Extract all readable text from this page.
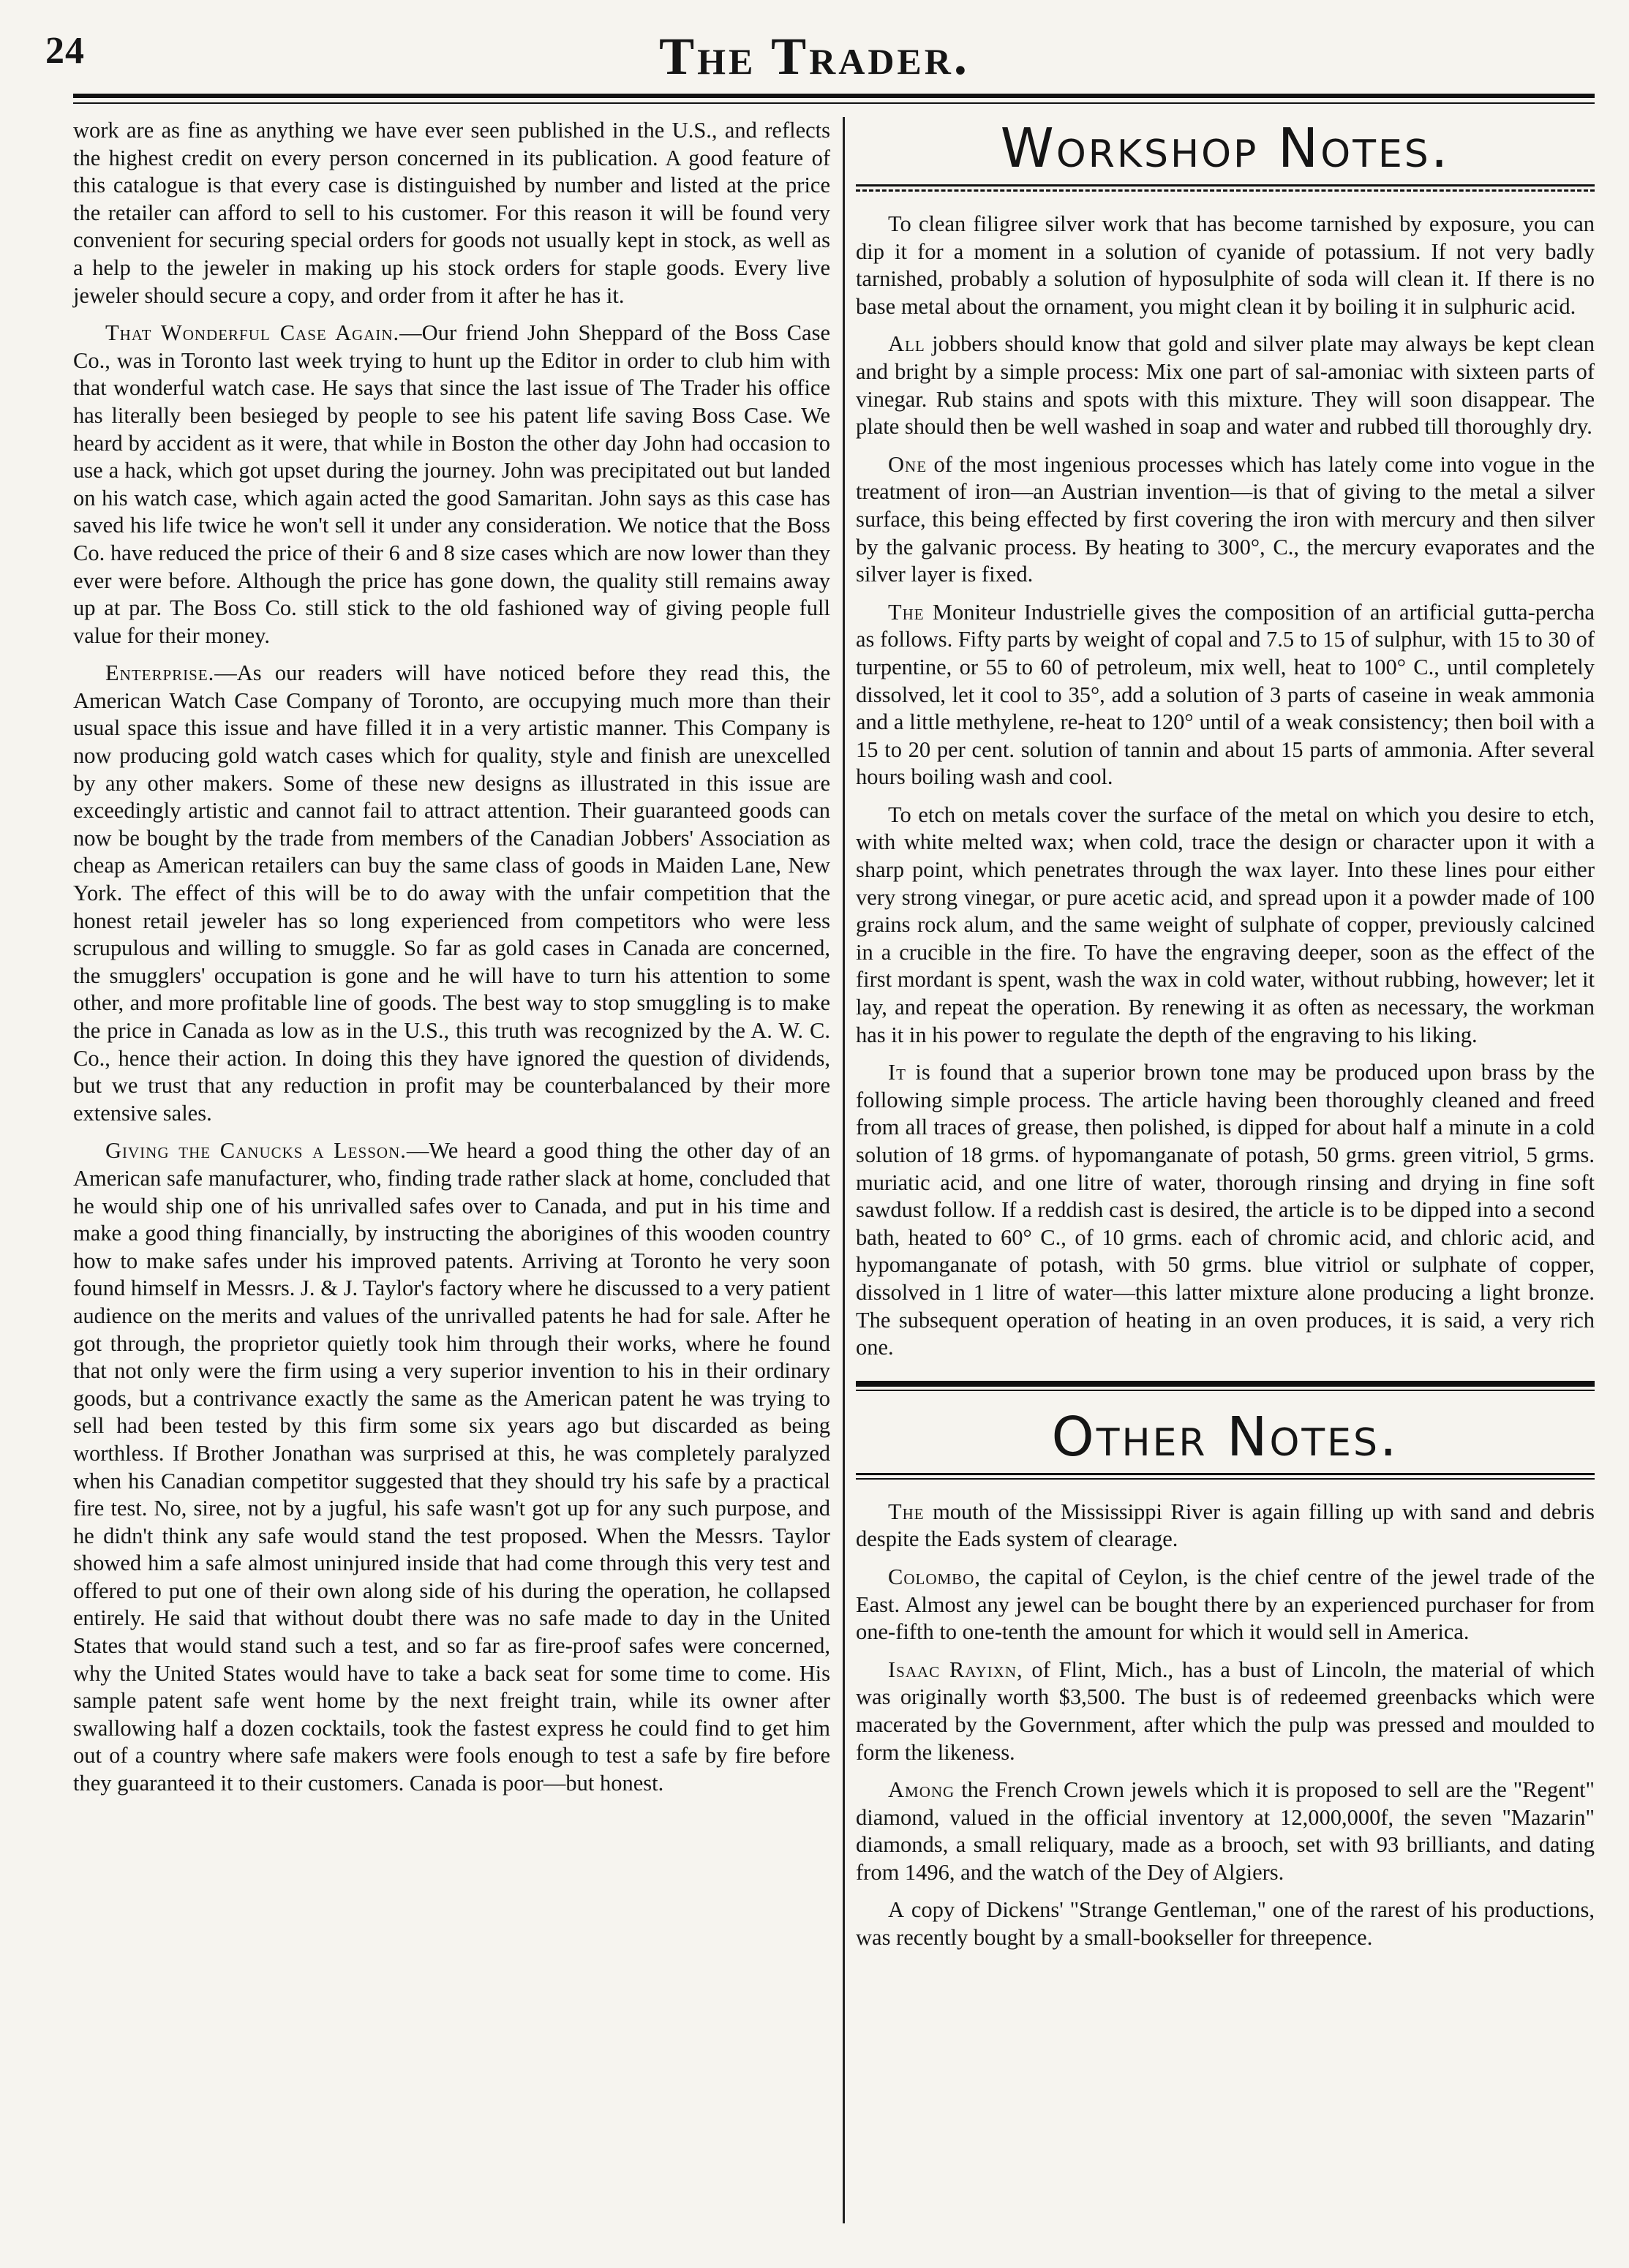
24	The Trader.

work are as fine as anything we have ever seen published in the U.S., and reflects the highest credit on every person concerned in its publication. A good feature of this catalogue is that every case is distinguished by number and listed at the price the retailer can afford to sell to his customer. For this reason it will be found very convenient for securing special orders for goods not usually kept in stock, as well as a help to the jeweler in making up his stock orders for staple goods. Every live jeweler should secure a copy, and order from it after he has it.

That Wonderful Case Again.—Our friend John Sheppard of the Boss Case Co., was in Toronto last week trying to hunt up the Editor in order to club him with that wonderful watch case. He says that since the last issue of The Trader his office has literally been besieged by people to see his patent life saving Boss Case. We heard by accident as it were, that while in Boston the other day John had occasion to use a hack, which got upset during the journey. John was precipitated out but landed on his watch case, which again acted the good Samaritan. John says as this case has saved his life twice he won't sell it under any consideration. We notice that the Boss Co. have reduced the price of their 6 and 8 size cases which are now lower than they ever were before. Although the price has gone down, the quality still remains away up at par. The Boss Co. still stick to the old fashioned way of giving people full value for their money.

Enterprise.—As our readers will have noticed before they read this, the American Watch Case Company of Toronto, are occupying much more than their usual space this issue and have filled it in a very artistic manner. This Company is now producing gold watch cases which for quality, style and finish are unexcelled by any other makers. Some of these new designs as illustrated in this issue are exceedingly artistic and cannot fail to attract attention. Their guaranteed goods can now be bought by the trade from members of the Canadian Jobbers' Association as cheap as American retailers can buy the same class of goods in Maiden Lane, New York. The effect of this will be to do away with the unfair competition that the honest retail jeweler has so long experienced from competitors who were less scrupulous and willing to smuggle. So far as gold cases in Canada are concerned, the smugglers' occupation is gone and he will have to turn his attention to some other, and more profitable line of goods. The best way to stop smuggling is to make the price in Canada as low as in the U.S., this truth was recognized by the A. W. C. Co., hence their action. In doing this they have ignored the question of dividends, but we trust that any reduction in profit may be counterbalanced by their more extensive sales.

Giving the Canucks a Lesson.—We heard a good thing the other day of an American safe manufacturer, who, finding trade rather slack at home, concluded that he would ship one of his unrivalled safes over to Canada, and put in his time and make a good thing financially, by instructing the aborigines of this wooden country how to make safes under his improved patents. Arriving at Toronto he very soon found himself in Messrs. J. & J. Taylor's factory where he discussed to a very patient audience on the merits and values of the unrivalled patents he had for sale. After he got through, the proprietor quietly took him through their works, where he found that not only were the firm using a very superior invention to his in their ordinary goods, but a contrivance exactly the same as the American patent he was trying to sell had been tested by this firm some six years ago but discarded as being worthless. If Brother Jonathan was surprised at this, he was completely paralyzed when his Canadian competitor suggested that they should try his safe by a practical fire test. No, siree, not by a jugful, his safe wasn't got up for any such purpose, and he didn't think any safe would stand the test proposed. When the Messrs. Taylor showed him a safe almost uninjured inside that had come through this very test and offered to put one of their own along side of his during the operation, he collapsed entirely. He said that without doubt there was no safe made to day in the United States that would stand such a test, and so far as fire-proof safes were concerned, why the United States would have to take a back seat for some time to come. His sample patent safe went home by the next freight train, while its owner after swallowing half a dozen cocktails, took the fastest express he could find to get him out of a country where safe makers were fools enough to test a safe by fire before they guaranteed it to their customers. Canada is poor—but honest.

Workshop Notes.

To clean filigree silver work that has become tarnished by exposure, you can dip it for a moment in a solution of cyanide of potassium. If not very badly tarnished, probably a solution of hyposulphite of soda will clean it. If there is no base metal about the ornament, you might clean it by boiling it in sulphuric acid.

All jobbers should know that gold and silver plate may always be kept clean and bright by a simple process: Mix one part of sal-amoniac with sixteen parts of vinegar. Rub stains and spots with this mixture. They will soon disappear. The plate should then be well washed in soap and water and rubbed till thoroughly dry.

One of the most ingenious processes which has lately come into vogue in the treatment of iron—an Austrian invention—is that of giving to the metal a silver surface, this being effected by first covering the iron with mercury and then silver by the galvanic process. By heating to 300°, C., the mercury evaporates and the silver layer is fixed.

The Moniteur Industrielle gives the composition of an artificial gutta-percha as follows. Fifty parts by weight of copal and 7.5 to 15 of sulphur, with 15 to 30 of turpentine, or 55 to 60 of petroleum, mix well, heat to 100° C., until completely dissolved, let it cool to 35°, add a solution of 3 parts of caseine in weak ammonia and a little methylene, re-heat to 120° until of a weak consistency; then boil with a 15 to 20 per cent. solution of tannin and about 15 parts of ammonia. After several hours boiling wash and cool.

To etch on metals cover the surface of the metal on which you desire to etch, with white melted wax; when cold, trace the design or character upon it with a sharp point, which penetrates through the wax layer. Into these lines pour either very strong vinegar, or pure acetic acid, and spread upon it a powder made of 100 grains rock alum, and the same weight of sulphate of copper, previously calcined in a crucible in the fire. To have the engraving deeper, soon as the effect of the first mordant is spent, wash the wax in cold water, without rubbing, however; let it lay, and repeat the operation. By renewing it as often as necessary, the workman has it in his power to regulate the depth of the engraving to his liking.

It is found that a superior brown tone may be produced upon brass by the following simple process. The article having been thoroughly cleaned and freed from all traces of grease, then polished, is dipped for about half a minute in a cold solution of 18 grms. of hypomanganate of potash, 50 grms. green vitriol, 5 grms. muriatic acid, and one litre of water, thorough rinsing and drying in fine soft sawdust follow. If a reddish cast is desired, the article is to be dipped into a second bath, heated to 60° C., of 10 grms. each of chromic acid, and chloric acid, and hypomanganate of potash, with 50 grms. blue vitriol or sulphate of copper, dissolved in 1 litre of water—this latter mixture alone producing a light bronze. The subsequent operation of heating in an oven produces, it is said, a very rich one.

Other Notes.

The mouth of the Mississippi River is again filling up with sand and debris despite the Eads system of clearage.

Colombo, the capital of Ceylon, is the chief centre of the jewel trade of the East. Almost any jewel can be bought there by an experienced purchaser for from one-fifth to one-tenth the amount for which it would sell in America.

Isaac Rayixn, of Flint, Mich., has a bust of Lincoln, the material of which was originally worth $3,500. The bust is of redeemed greenbacks which were macerated by the Government, after which the pulp was pressed and moulded to form the likeness.

Among the French Crown jewels which it is proposed to sell are the "Regent" diamond, valued in the official inventory at 12,000,000f, the seven "Mazarin" diamonds, a small reliquary, made as a brooch, set with 93 brilliants, and dating from 1496, and the watch of the Dey of Algiers.

A copy of Dickens' "Strange Gentleman," one of the rarest of his productions, was recently bought by a small-bookseller for threepence.
